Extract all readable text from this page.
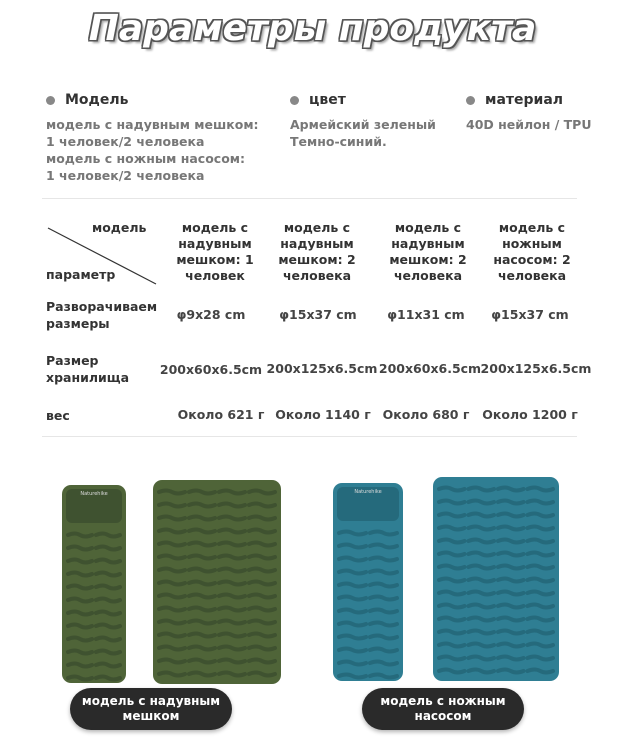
Параметры продукта
Модель
модель с надувным мешком:
1 человек/2 человека
модель с ножным насосом:
1 человек/2 человека
цвет
Армейский зеленый
Темно-синий.
материал
40D нейлон / TPU
модель
параметр
модель с
надувным
мешком: 1
человек
модель с
надувным
мешком: 2
человека
модель с
надувным
мешком: 2
человека
модель с
ножным
насосом: 2
человека
Разворачиваем
размеры
φ9x28 cm	φ15x37 cm	φ11x31 cm	φ15x37 cm
Размер
хранилища
200x60x6.5cm 200x125x6.5cm 200x60x6.5cm 200x125x6.5cm
вес	Около 621 г Около 1140 г Около 680 г	Около 1200 г
Naturehike	Naturehike
модель с надувным
мешком
модель с ножным
насосом
